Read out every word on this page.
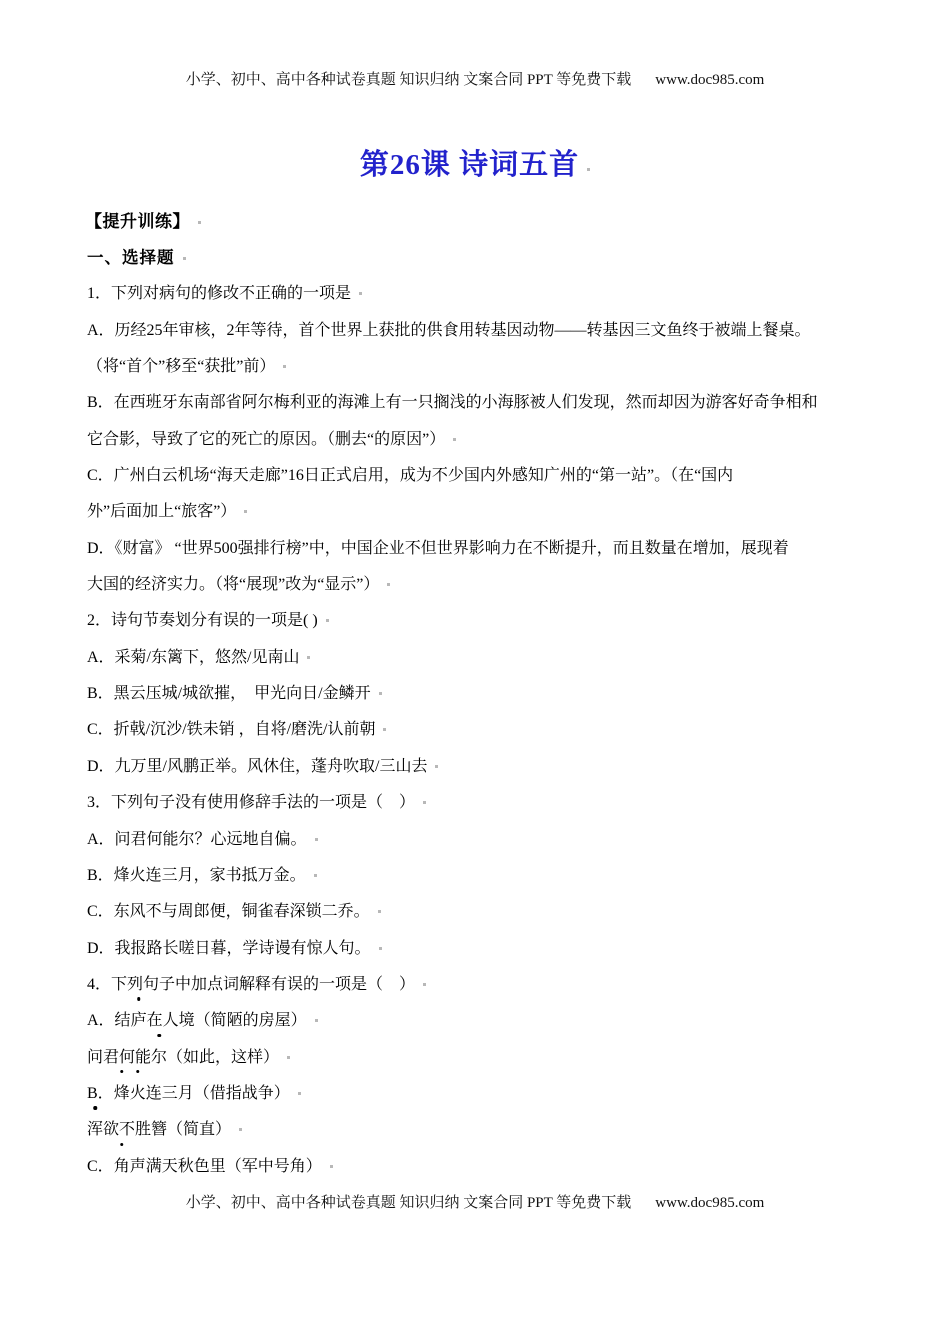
小学、初中、高中各种试卷真题 知识归纳 文案合同 PPT 等免费下载 www.doc985.com
第26课 诗词五首
【提升训练】
一、选择题
1．下列对病句的修改不正确的一项是
A．历经25年审核，2年等待，首个世界上获批的供食用转基因动物——转基因三文鱼终于被端上餐桌。
（将“首个”移至“获批”前）
B．在西班牙东南部省阿尔梅利亚的海滩上有一只搁浅的小海豚被人们发现，然而却因为游客好奇争相和
它合影，导致了它的死亡的原因。（删去“的原因”）
C．广州白云机场“海天走廊”16日正式启用，成为不少国内外感知广州的“第一站”。（在“国内
外”后面加上“旅客”）
D．《财富》 “世界500强排行榜”中，中国企业不但世界影响力在不断提升，而且数量在增加，展现着
大国的经济实力。（将“展现”改为“显示”）
2．诗句节奏划分有误的一项是( )
A．采菊/东篱下，悠然/见南山
B．黑云压城/城欲摧，　甲光向日/金鳞开
C．折戟/沉沙/铁未销 ，自将/磨洗/认前朝
D．九万里/风鹏正举。风休住，蓬舟吹取/三山去
3．下列句子没有使用修辞手法的一项是（　）
A．问君何能尔？心远地自偏。
B．烽火连三月，家书抵万金。
C．东风不与周郎便，铜雀春深锁二乔。
D．我报路长嗟日暮，学诗谩有惊人句。
4．下列句子中加点词解释有误的一项是（　）
A．结庐在人境（简陋的房屋）
问君何能尔（如此，这样）
B．烽火连三月（借指战争）
浑欲不胜簪（简直）
C．角声满天秋色里（军中号角）
小学、初中、高中各种试卷真题 知识归纳 文案合同 PPT 等免费下载 www.doc985.com
